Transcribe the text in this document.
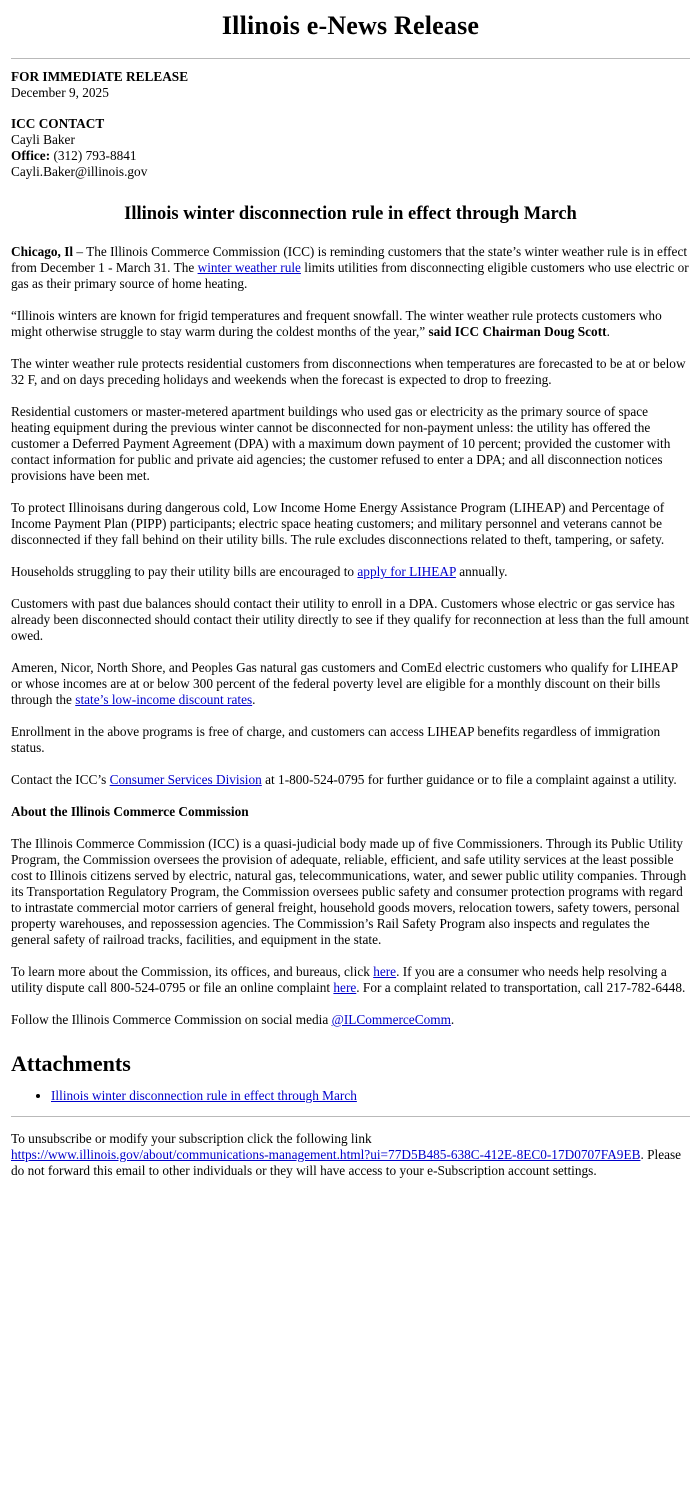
Illinois e-News Release
FOR IMMEDIATE RELEASE
December 9, 2025
ICC CONTACT
Cayli Baker
Office: (312) 793-8841
Cayli.Baker@illinois.gov
Illinois winter disconnection rule in effect through March

Chicago, Il – The Illinois Commerce Commission (ICC) is reminding customers that the state’s winter weather rule is in effect from December 1 - March 31. The winter weather rule limits utilities from disconnecting eligible customers who use electric or gas as their primary source of home heating.

“Illinois winters are known for frigid temperatures and frequent snowfall. The winter weather rule protects customers who might otherwise struggle to stay warm during the coldest months of the year,” said ICC Chairman Doug Scott.

The winter weather rule protects residential customers from disconnections when temperatures are forecasted to be at or below 32 F, and on days preceding holidays and weekends when the forecast is expected to drop to freezing.

Residential customers or master-metered apartment buildings who used gas or electricity as the primary source of space heating equipment during the previous winter cannot be disconnected for non-payment unless: the utility has offered the customer a Deferred Payment Agreement (DPA) with a maximum down payment of 10 percent; provided the customer with contact information for public and private aid agencies; the customer refused to enter a DPA; and all disconnection notices provisions have been met.

To protect Illinoisans during dangerous cold, Low Income Home Energy Assistance Program (LIHEAP) and Percentage of Income Payment Plan (PIPP) participants; electric space heating customers; and military personnel and veterans cannot be disconnected if they fall behind on their utility bills. The rule excludes disconnections related to theft, tampering, or safety.

Households struggling to pay their utility bills are encouraged to apply for LIHEAP annually.

Customers with past due balances should contact their utility to enroll in a DPA. Customers whose electric or gas service has already been disconnected should contact their utility directly to see if they qualify for reconnection at less than the full amount owed.

Ameren, Nicor, North Shore, and Peoples Gas natural gas customers and ComEd electric customers who qualify for LIHEAP or whose incomes are at or below 300 percent of the federal poverty level are eligible for a monthly discount on their bills through the state’s low-income discount rates.

Enrollment in the above programs is free of charge, and customers can access LIHEAP benefits regardless of immigration status.

Contact the ICC’s Consumer Services Division at 1-800-524-0795 for further guidance or to file a complaint against a utility.

About the Illinois Commerce Commission

The Illinois Commerce Commission (ICC) is a quasi-judicial body made up of five Commissioners. Through its Public Utility Program, the Commission oversees the provision of adequate, reliable, efficient, and safe utility services at the least possible cost to Illinois citizens served by electric, natural gas, telecommunications, water, and sewer public utility companies. Through its Transportation Regulatory Program, the Commission oversees public safety and consumer protection programs with regard to intrastate commercial motor carriers of general freight, household goods movers, relocation towers, safety towers, personal property warehouses, and repossession agencies. The Commission’s Rail Safety Program also inspects and regulates the general safety of railroad tracks, facilities, and equipment in the state.

To learn more about the Commission, its offices, and bureaus, click here. If you are a consumer who needs help resolving a utility dispute call 800-524-0795 or file an online complaint here. For a complaint related to transportation, call 217-782-6448.

Follow the Illinois Commerce Commission on social media @ILCommerceComm.

Attachments
• Illinois winter disconnection rule in effect through March

To unsubscribe or modify your subscription click the following link
https://www.illinois.gov/about/communications-management.html?ui=77D5B485-638C-412E-8EC0-17D0707FA9EB. Please do not forward this email to other individuals or they will have access to your e-Subscription account settings.
